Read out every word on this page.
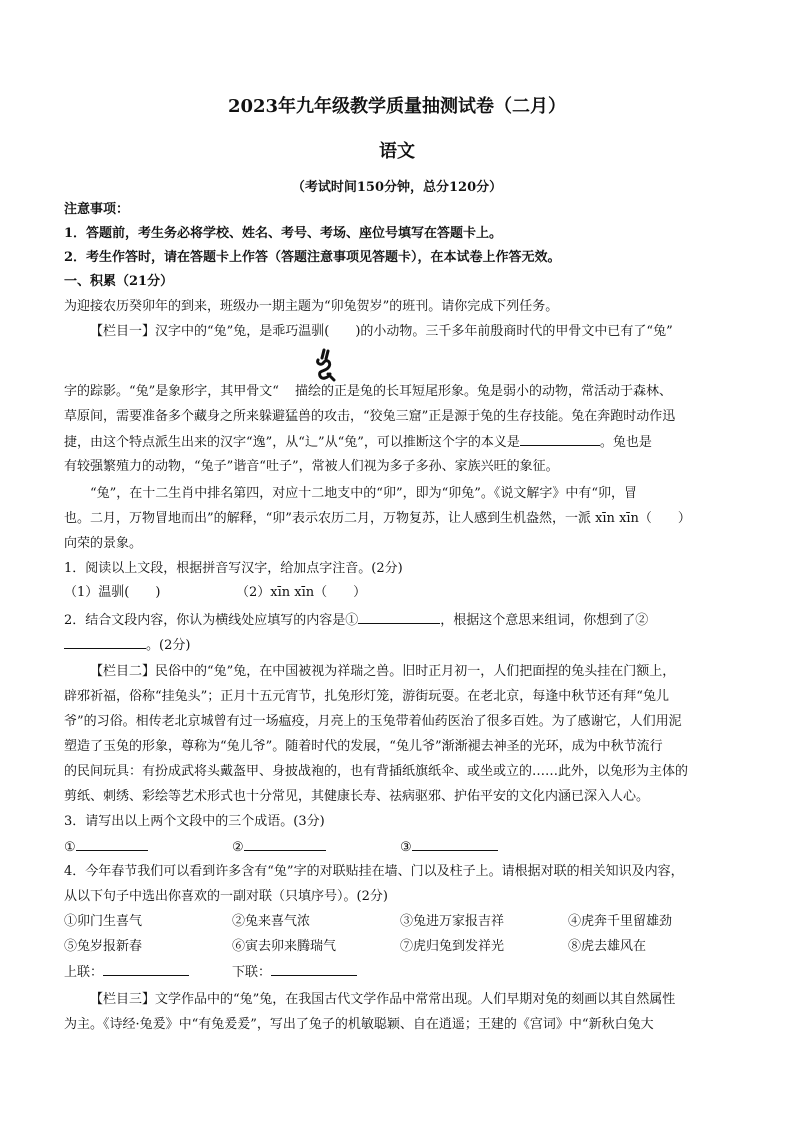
2023年九年级教学质量抽测试卷（二月）
语文
（考试时间150分钟，总分120分）
注意事项：
1．答题前，考生务必将学校、姓名、考号、考场、座位号填写在答题卡上。
2．考生作答时，请在答题卡上作答（答题注意事项见答题卡），在本试卷上作答无效。
一、积累（21分）
为迎接农历癸卯年的到来，班级办一期主题为“卯兔贺岁”的班刊。请你完成下列任务。
【栏目一】汉字中的“兔”兔，是乖巧温驯(　　)的小动物。三千多年前殷商时代的甲骨文中已有了“兔”
字的踪影。“兔”是象形字，其甲骨文“ 描绘的正是兔的长耳短尾形象。兔是弱小的动物，常活动于森林、
草原间，需要准备多个藏身之所来躲避猛兽的攻击，“狡兔三窟”正是源于兔的生存技能。兔在奔跑时动作迅
捷，由这个特点派生出来的汉字“逸”，从“辶”从“兔”，可以推断这个字的本义是	。兔也是
有较强繁殖力的动物，“兔子”谐音“吐子”，常被人们视为多子多孙、家族兴旺的象征。
“兔”，在十二生肖中排名第四，对应十二地支中的“卯”，即为“卯兔”。《说文解字》中有“卯，冒
也。二月，万物冒地而出”的解释，“卯”表示农历二月，万物复苏，让人感到生机盎然，一派 xīn xīn（　　）
向荣的景象。
1．阅读以上文段，根据拼音写汉字，给加点字注音。(2分)
（1）温驯(　　)	（2）xīn xīn（　　）
2．结合文段内容，你认为横线处应填写的内容是①	，根据这个意思来组词，你想到了②
。(2分)
【栏目二】民俗中的“兔”兔，在中国被视为祥瑞之兽。旧时正月初一，人们把面捏的兔头挂在门额上，
辟邪祈福，俗称“挂兔头”；正月十五元宵节，扎兔形灯笼，游街玩耍。在老北京，每逢中秋节还有拜“兔儿
爷”的习俗。相传老北京城曾有过一场瘟疫，月亮上的玉兔带着仙药医治了很多百姓。为了感谢它，人们用泥
塑造了玉兔的形象，尊称为“兔儿爷”。随着时代的发展，“兔儿爷”渐渐褪去神圣的光环，成为中秋节流行
的民间玩具：有扮成武将头戴盔甲、身披战袍的，也有背插纸旗纸伞、或坐或立的……此外，以兔形为主体的
剪纸、刺绣、彩绘等艺术形式也十分常见，其健康长寿、祛病驱邪、护佑平安的文化内涵已深入人心。
3．请写出以上两个文段中的三个成语。(3分)
①	②	③
4．今年春节我们可以看到许多含有“兔”字的对联贴挂在墙、门以及柱子上。请根据对联的相关知识及内容，
从以下句子中选出你喜欢的一副对联（只填序号）。(2分)
①卯门生喜气	②兔来喜气浓	③兔进万家报吉祥	④虎奔千里留雄劲
⑤兔岁报新春	⑥寅去卯来腾瑞气	⑦虎归兔到发祥光	⑧虎去雄风在
上联：	下联：
【栏目三】文学作品中的“兔”兔，在我国古代文学作品中常常出现。人们早期对兔的刻画以其自然属性
为主。《诗经·兔爰》中“有兔爰爰”，写出了兔子的机敏聪颖、自在逍遥；王建的《宫词》中“新秋白兔大
